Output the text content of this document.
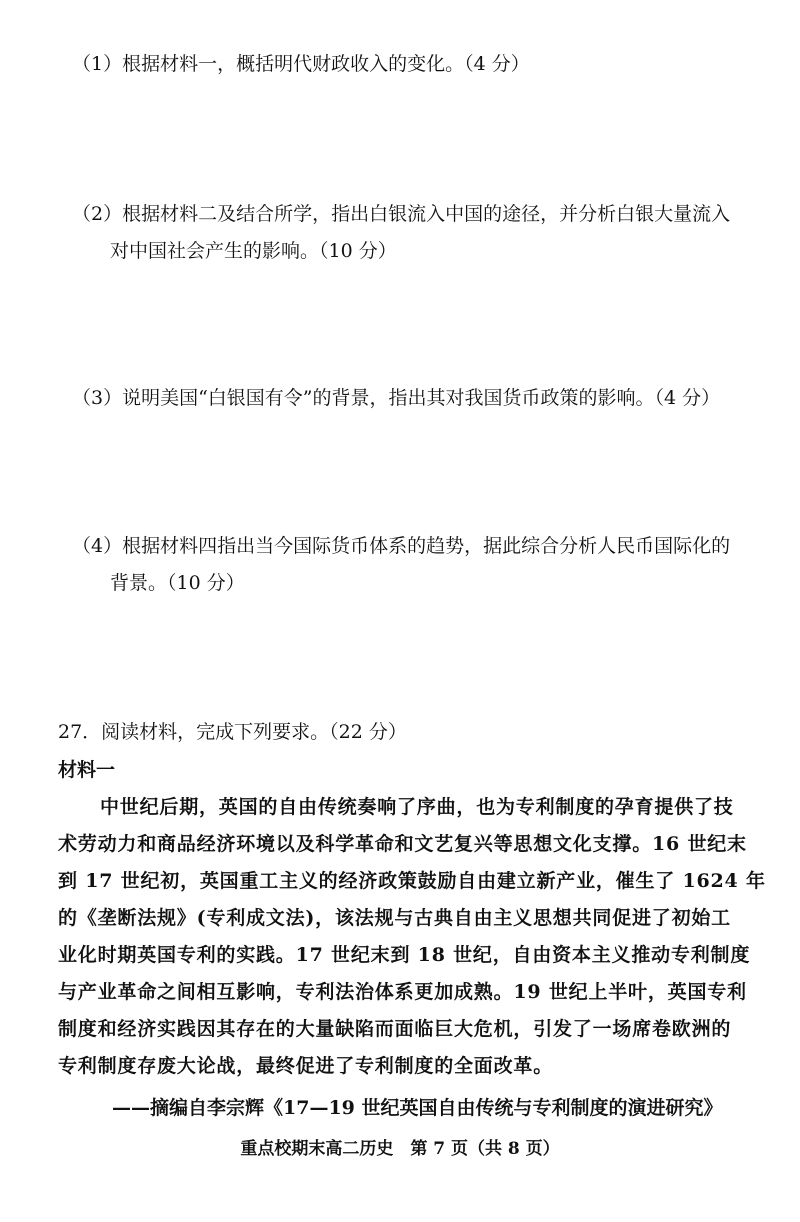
（1）根据材料一，概括明代财政收入的变化。（4 分）
（2）根据材料二及结合所学，指出白银流入中国的途径，并分析白银大量流入
对中国社会产生的影响。（10 分）
（3）说明美国“白银国有令”的背景，指出其对我国货币政策的影响。（4 分）
（4）根据材料四指出当今国际货币体系的趋势，据此综合分析人民币国际化的
背景。（10 分）
27．阅读材料，完成下列要求。（22 分）
材料一
中世纪后期，英国的自由传统奏响了序曲，也为专利制度的孕育提供了技
术劳动力和商品经济环境以及科学革命和文艺复兴等思想文化支撑。16 世纪末
到 17 世纪初，英国重工主义的经济政策鼓励自由建立新产业，催生了 1624 年
的《垄断法规》(专利成文法)，该法规与古典自由主义思想共同促进了初始工
业化时期英国专利的实践。17 世纪末到 18 世纪，自由资本主义推动专利制度
与产业革命之间相互影响，专利法治体系更加成熟。19 世纪上半叶，英国专利
制度和经济实践因其存在的大量缺陷而面临巨大危机，引发了一场席卷欧洲的
专利制度存废大论战，最终促进了专利制度的全面改革。
——摘编自李宗辉《17—19 世纪英国自由传统与专利制度的演进研究》
重点校期末高二历史　第 7 页（共 8 页）
